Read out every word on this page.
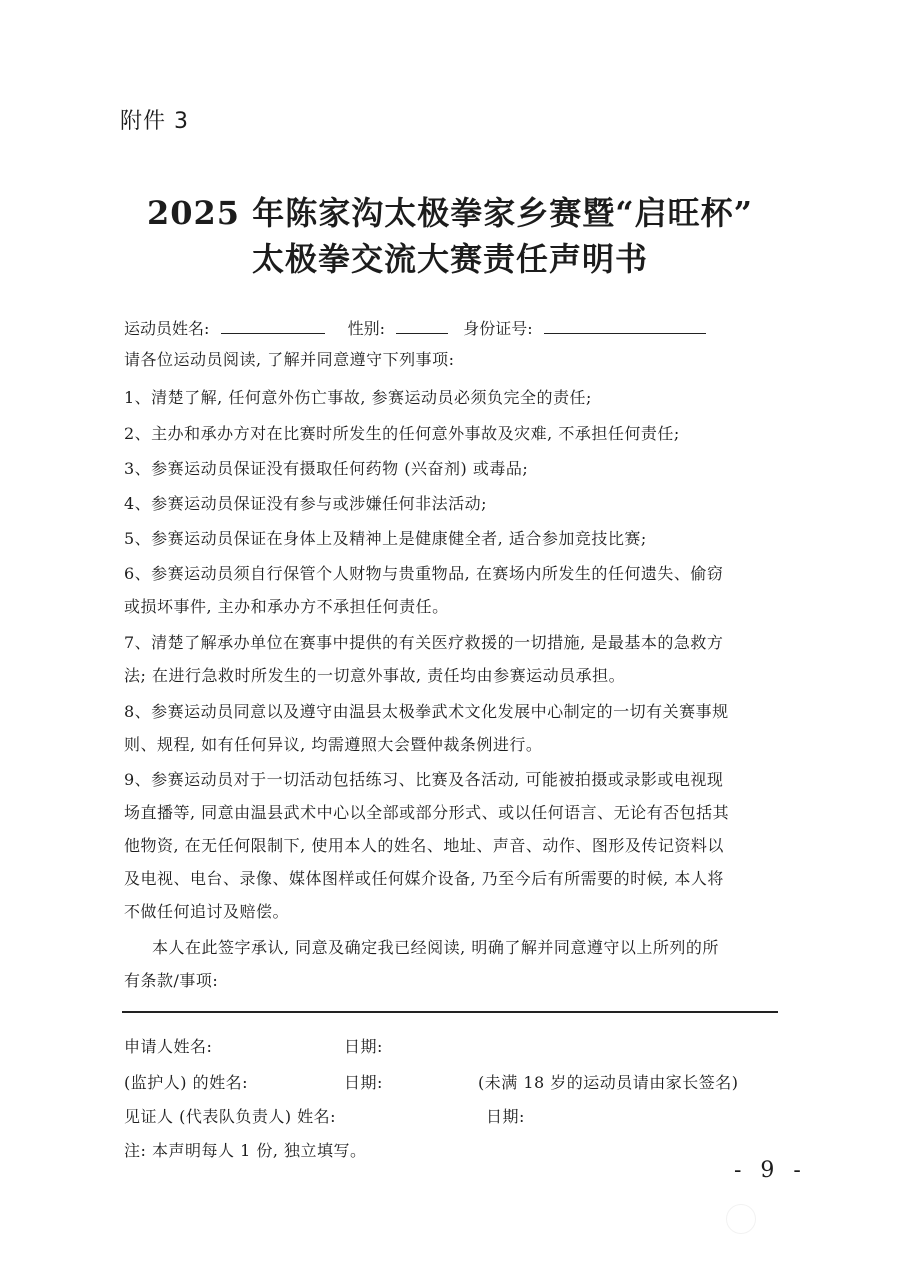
附件 3
2025 年陈家沟太极拳家乡赛暨“启旺杯”
太极拳交流大赛责任声明书
运动员姓名:	性别:	身份证号:
请各位运动员阅读, 了解并同意遵守下列事项:
1、清楚了解, 任何意外伤亡事故, 参赛运动员必须负完全的责任;
2、主办和承办方对在比赛时所发生的任何意外事故及灾难, 不承担任何责任;
3、参赛运动员保证没有摄取任何药物 (兴奋剂) 或毒品;
4、参赛运动员保证没有参与或涉嫌任何非法活动;
5、参赛运动员保证在身体上及精神上是健康健全者, 适合参加竞技比赛;
6、参赛运动员须自行保管个人财物与贵重物品, 在赛场内所发生的任何遗失、偷窃
或损坏事件, 主办和承办方不承担任何责任。
7、清楚了解承办单位在赛事中提供的有关医疗救援的一切措施, 是最基本的急救方
法; 在进行急救时所发生的一切意外事故, 责任均由参赛运动员承担。
8、参赛运动员同意以及遵守由温县太极拳武术文化发展中心制定的一切有关赛事规
则、规程, 如有任何异议, 均需遵照大会暨仲裁条例进行。
9、参赛运动员对于一切活动包括练习、比赛及各活动, 可能被拍摄或录影或电视现
场直播等, 同意由温县武术中心以全部或部分形式、或以任何语言、无论有否包括其
他物资, 在无任何限制下, 使用本人的姓名、地址、声音、动作、图形及传记资料以
及电视、电台、录像、媒体图样或任何媒介设备, 乃至今后有所需要的时候, 本人将
不做任何追讨及赔偿。
本人在此签字承认, 同意及确定我已经阅读, 明确了解并同意遵守以上所列的所
有条款/事项:
申请人姓名:	日期:
(监护人) 的姓名:	日期:	(未满 18 岁的运动员请由家长签名)
见证人 (代表队负责人) 姓名:	日期:
注: 本声明每人 1 份, 独立填写。
- 9 -
